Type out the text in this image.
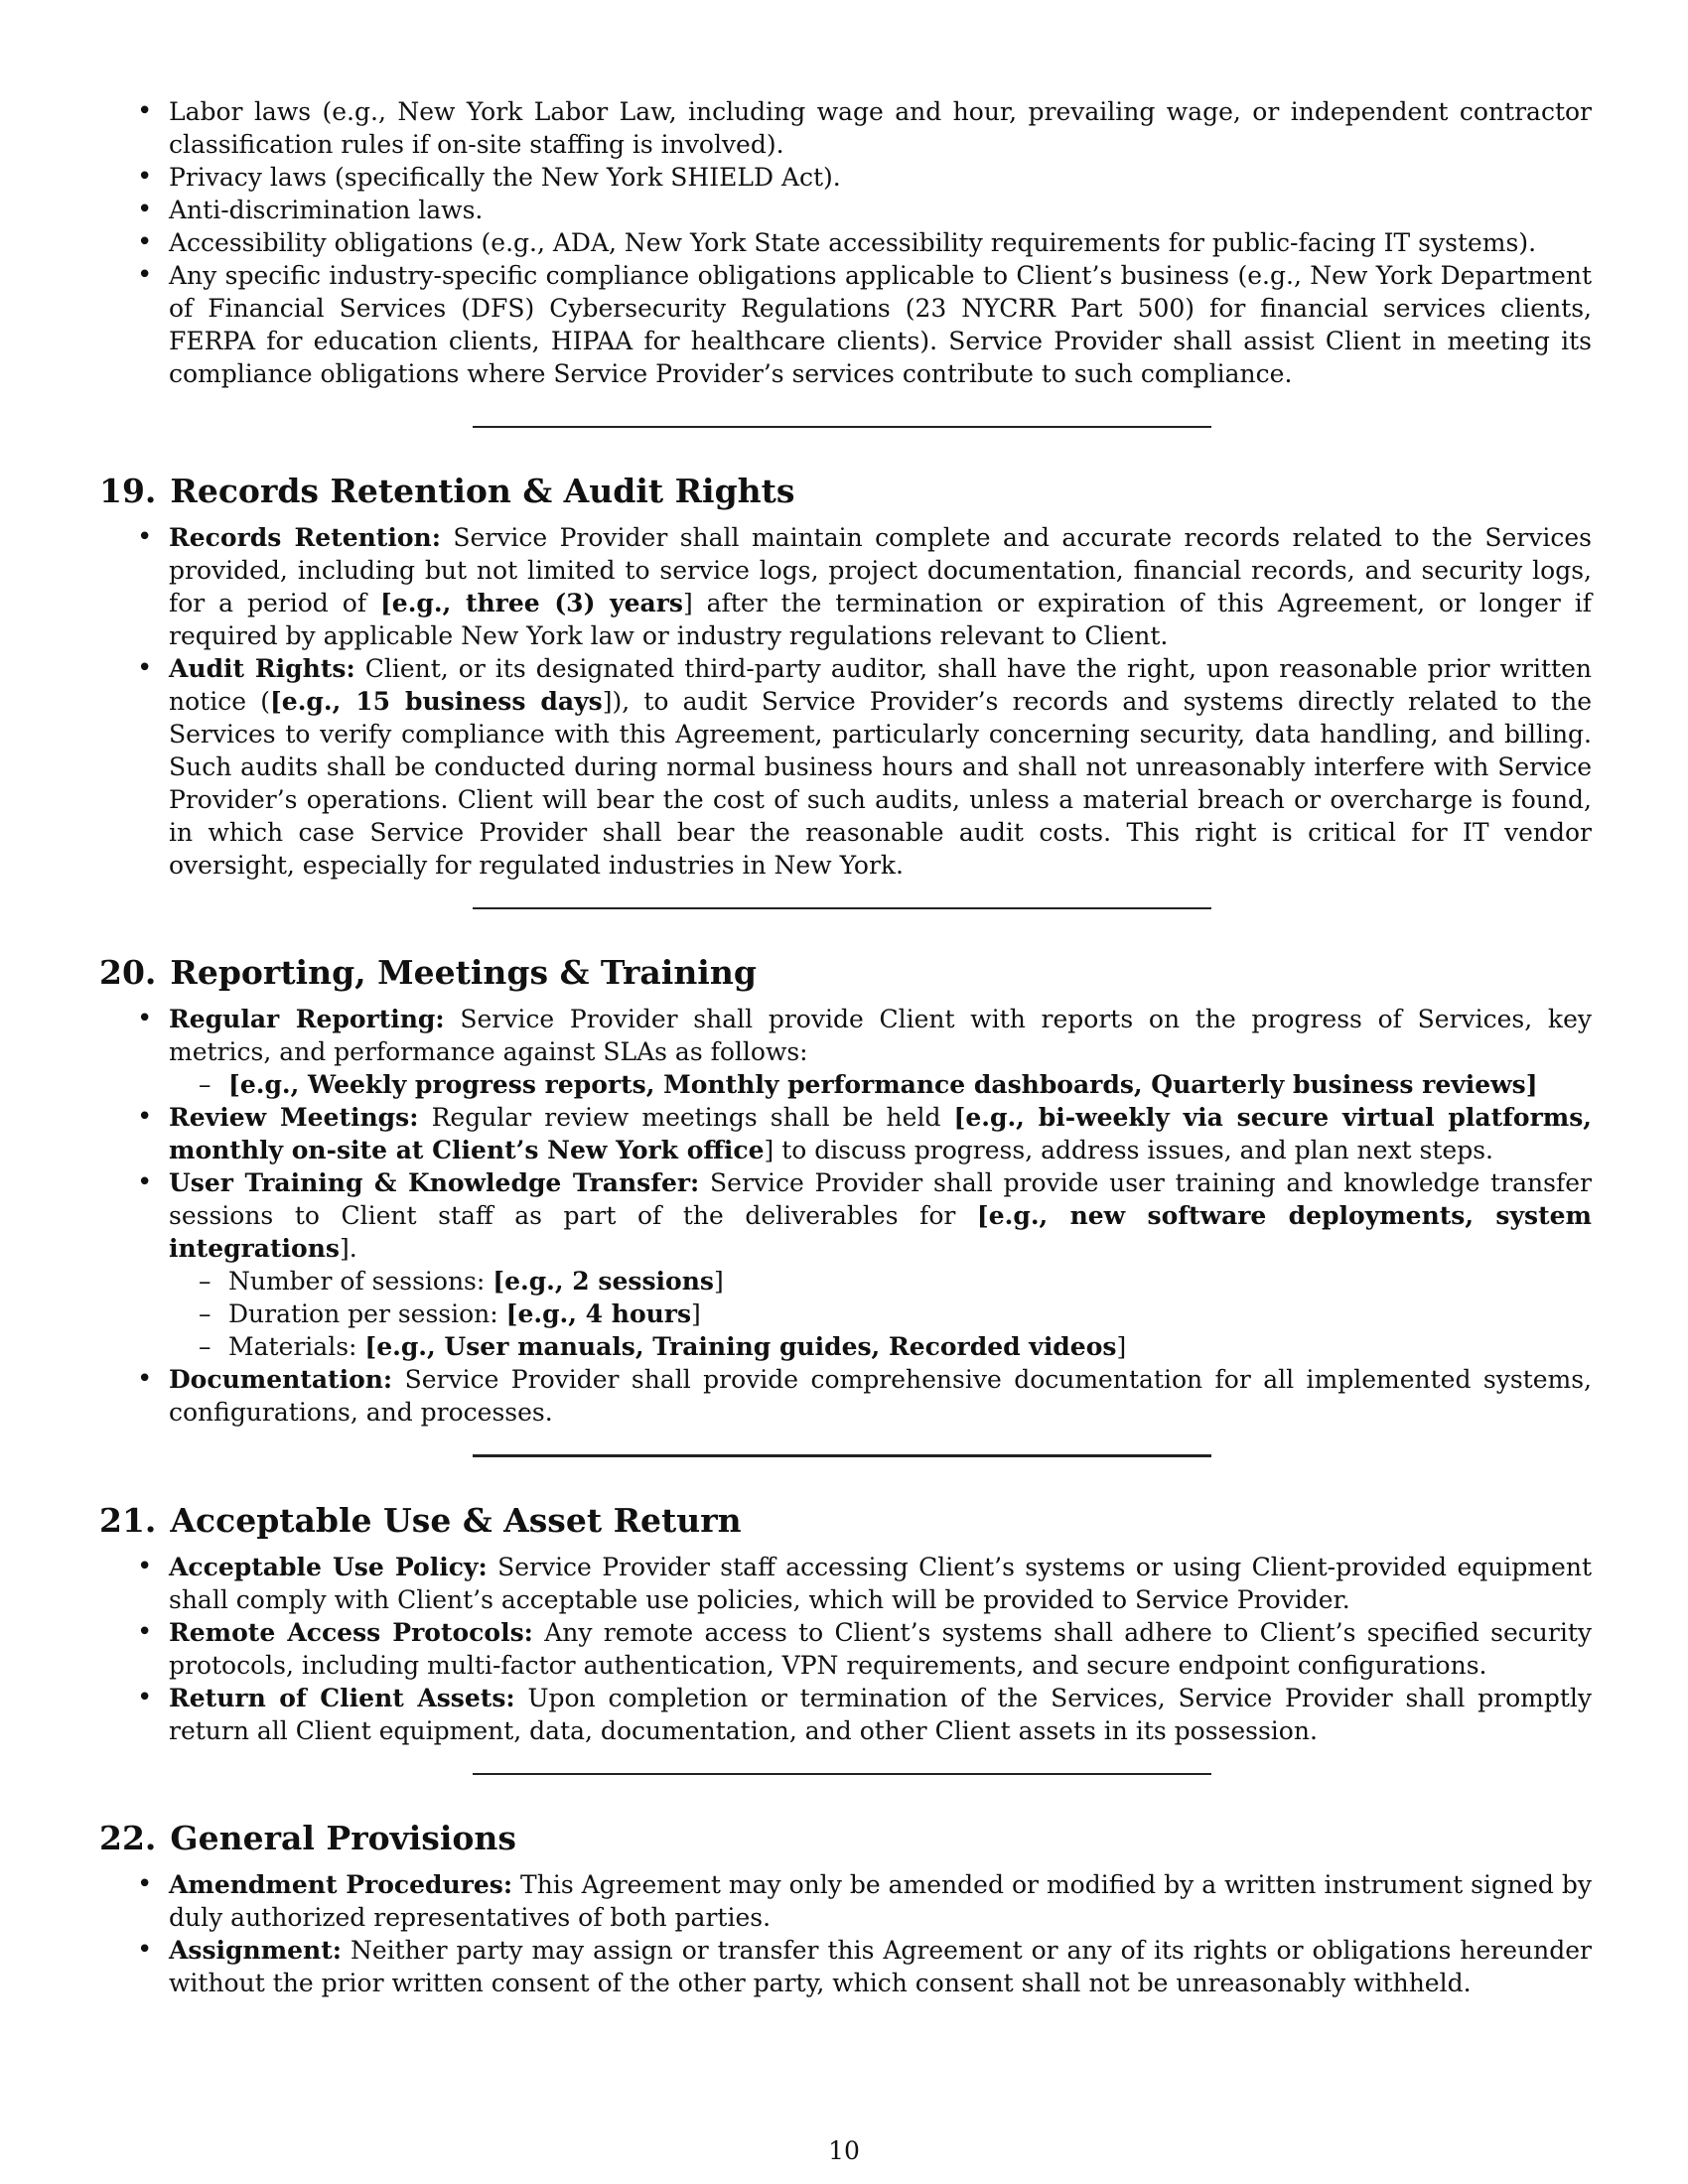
• Labor laws (e.g., New York Labor Law, including wage and hour, prevailing wage, or independent contractor classification rules if on-site staffing is involved).
• Privacy laws (specifically the New York SHIELD Act).
• Anti-discrimination laws.
• Accessibility obligations (e.g., ADA, New York State accessibility requirements for public-facing IT systems).
• Any specific industry-specific compliance obligations applicable to Client’s business (e.g., New York Department of Financial Services (DFS) Cybersecurity Regulations (23 NYCRR Part 500) for financial services clients, FERPA for education clients, HIPAA for healthcare clients). Service Provider shall assist Client in meeting its compliance obligations where Service Provider’s services contribute to such compliance.
19. Records Retention & Audit Rights
• Records Retention: Service Provider shall maintain complete and accurate records related to the Services provided, including but not limited to service logs, project documentation, financial records, and security logs, for a period of [e.g., three (3) years] after the termination or expiration of this Agreement, or longer if required by applicable New York law or industry regulations relevant to Client.
• Audit Rights: Client, or its designated third-party auditor, shall have the right, upon reasonable prior written notice ([e.g., 15 business days]), to audit Service Provider’s records and systems directly related to the Services to verify compliance with this Agreement, particularly concerning security, data handling, and billing. Such audits shall be conducted during normal business hours and shall not unreasonably interfere with Service Provider’s operations. Client will bear the cost of such audits, unless a material breach or overcharge is found, in which case Service Provider shall bear the reasonable audit costs. This right is critical for IT vendor oversight, especially for regulated industries in New York.
20. Reporting, Meetings & Training
• Regular Reporting: Service Provider shall provide Client with reports on the progress of Services, key metrics, and performance against SLAs as follows:
– [e.g., Weekly progress reports, Monthly performance dashboards, Quarterly business reviews]
• Review Meetings: Regular review meetings shall be held [e.g., bi-weekly via secure virtual platforms, monthly on-site at Client’s New York office] to discuss progress, address issues, and plan next steps.
• User Training & Knowledge Transfer: Service Provider shall provide user training and knowledge transfer sessions to Client staff as part of the deliverables for [e.g., new software deployments, system integrations].
– Number of sessions: [e.g., 2 sessions]
– Duration per session: [e.g., 4 hours]
– Materials: [e.g., User manuals, Training guides, Recorded videos]
• Documentation: Service Provider shall provide comprehensive documentation for all implemented systems, configurations, and processes.
21. Acceptable Use & Asset Return
• Acceptable Use Policy: Service Provider staff accessing Client’s systems or using Client-provided equipment shall comply with Client’s acceptable use policies, which will be provided to Service Provider.
• Remote Access Protocols: Any remote access to Client’s systems shall adhere to Client’s specified security protocols, including multi-factor authentication, VPN requirements, and secure endpoint configurations.
• Return of Client Assets: Upon completion or termination of the Services, Service Provider shall promptly return all Client equipment, data, documentation, and other Client assets in its possession.
22. General Provisions
• Amendment Procedures: This Agreement may only be amended or modified by a written instrument signed by duly authorized representatives of both parties.
• Assignment: Neither party may assign or transfer this Agreement or any of its rights or obligations hereunder without the prior written consent of the other party, which consent shall not be unreasonably withheld.
10
